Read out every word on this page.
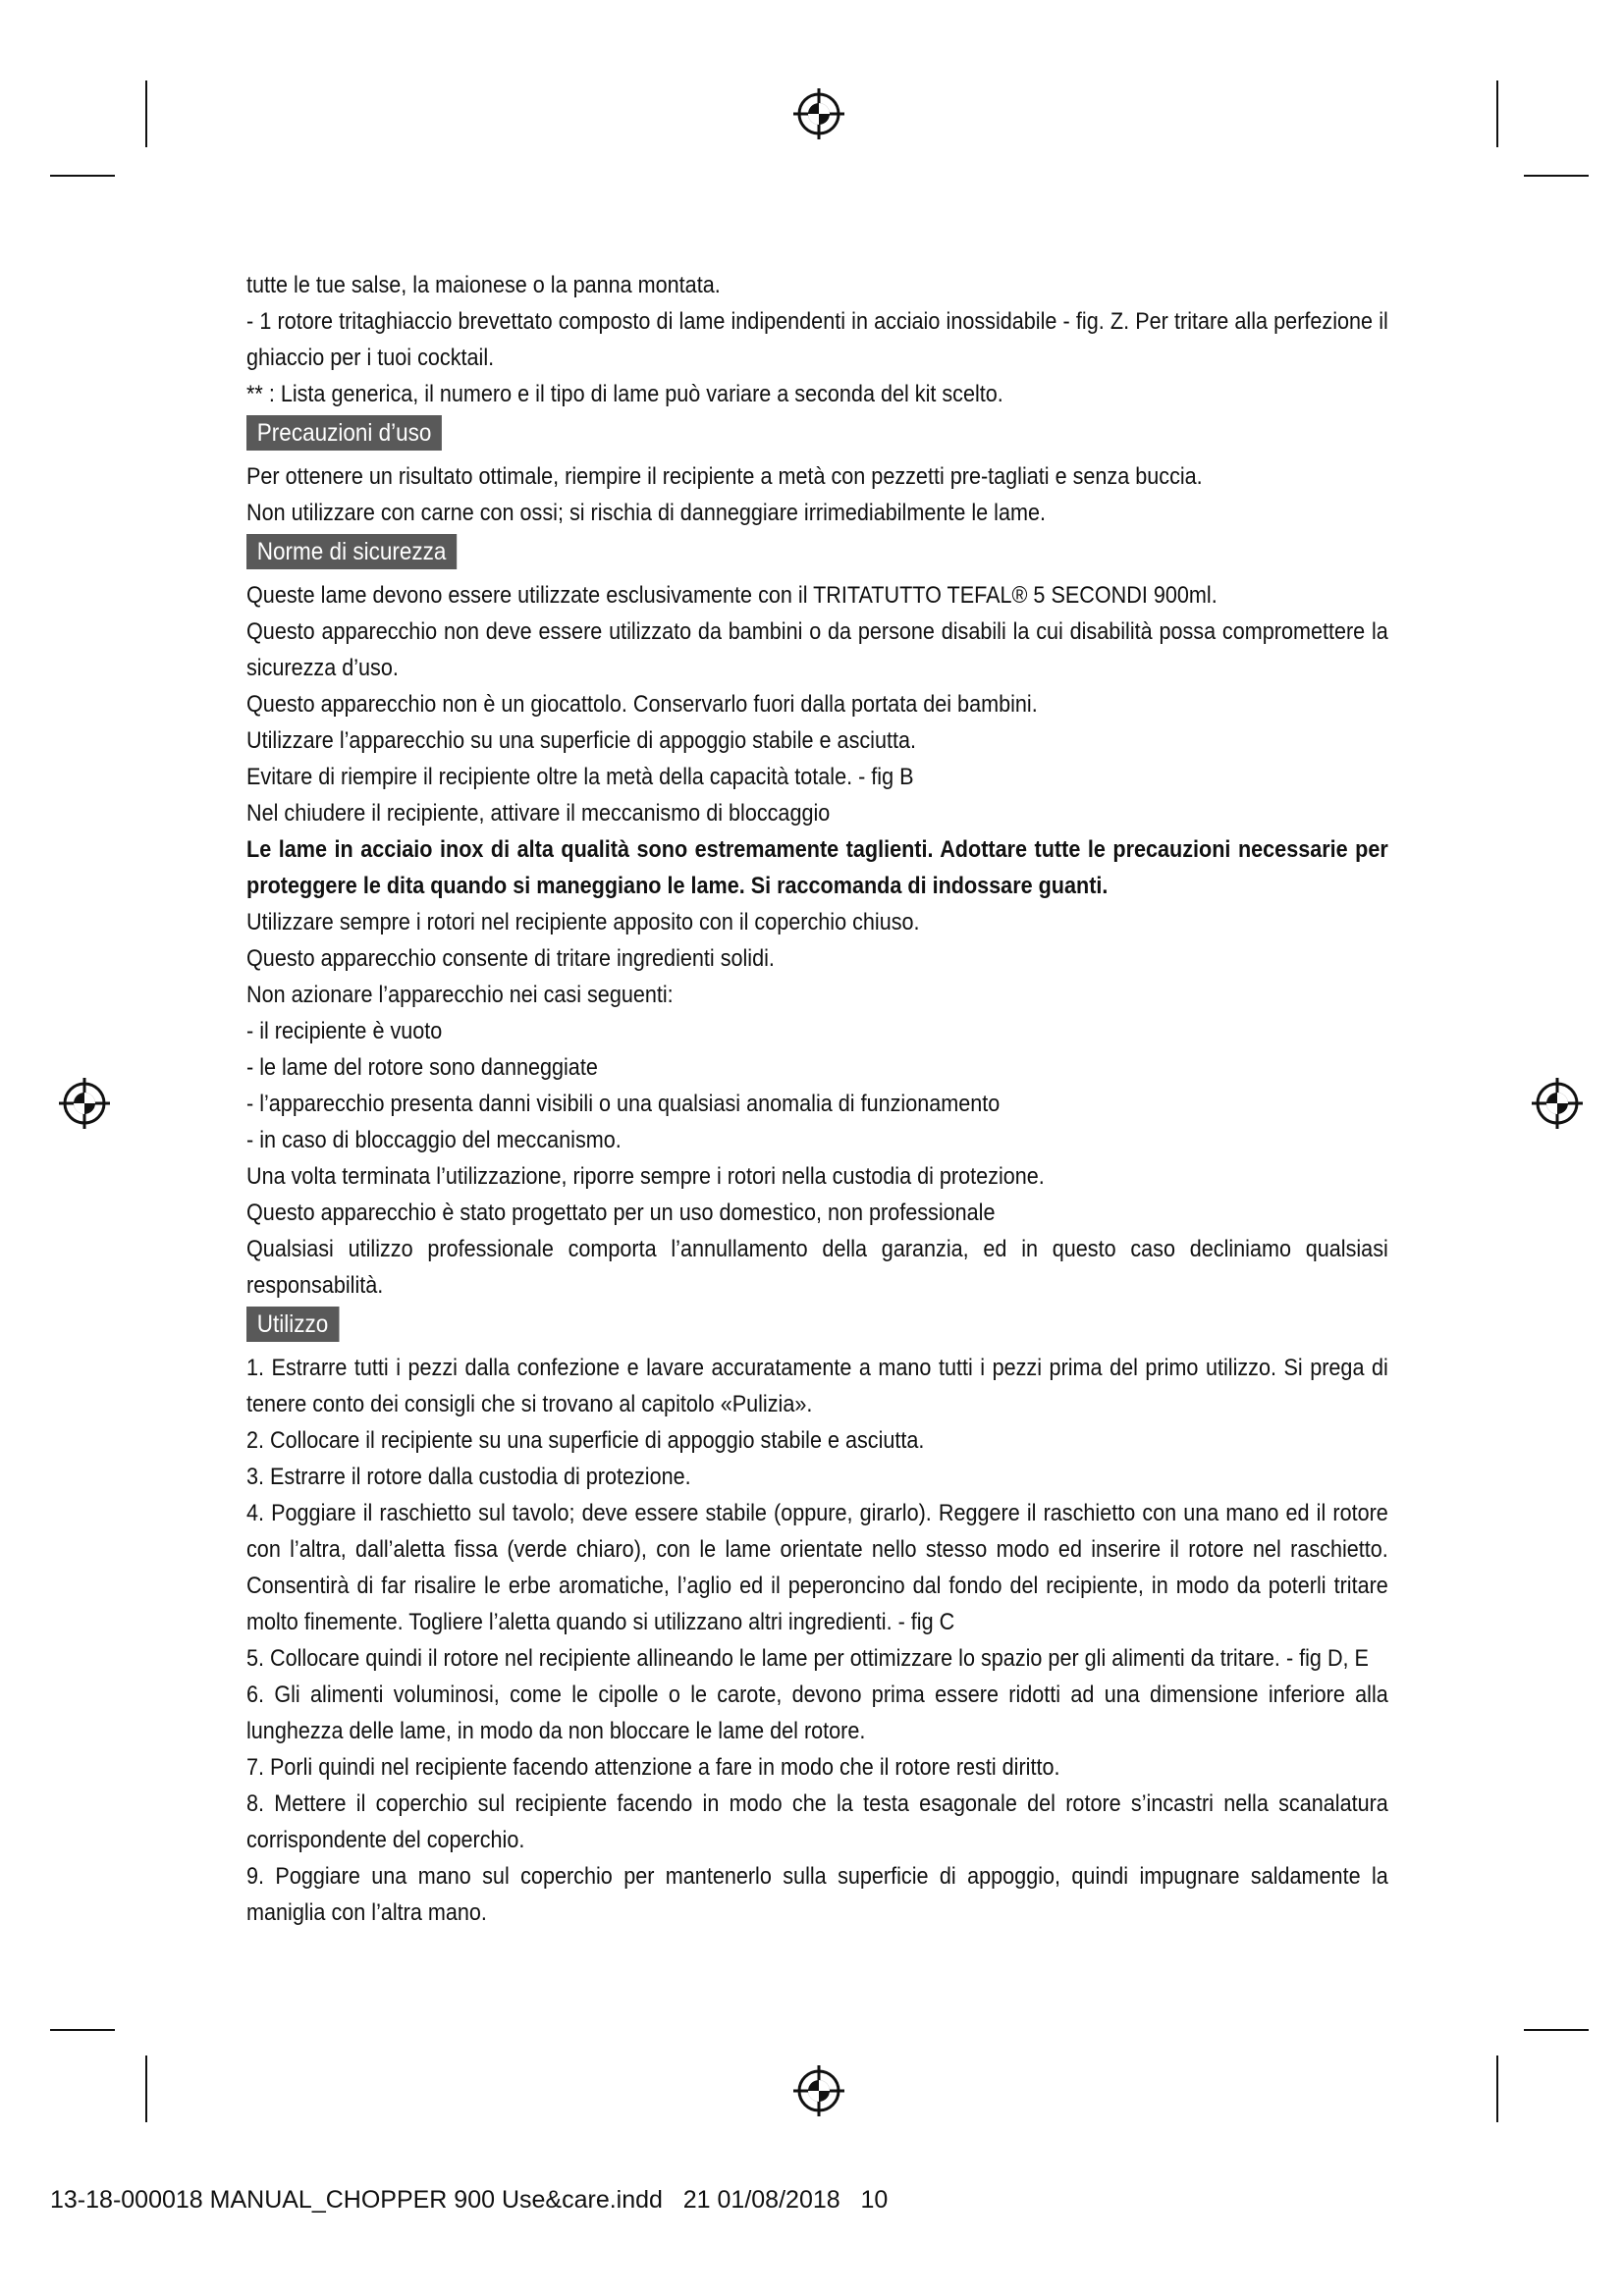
tutte le tue salse, la maionese o la panna montata.

- 1 rotore tritaghiaccio brevettato composto di lame indipendenti in acciaio inossidabile - fig. Z. Per tritare alla perfezione il ghiaccio per i tuoi cocktail.

** : Lista generica, il numero e il tipo di lame può variare a seconda del kit scelto.

Precauzioni d’uso

Per ottenere un risultato ottimale, riempire il recipiente a metà con pezzetti pre-tagliati e senza buccia.

Non utilizzare con carne con ossi; si rischia di danneggiare irrimediabilmente le lame.

Norme di sicurezza

Queste lame devono essere utilizzate esclusivamente con il TRITATUTTO TEFAL® 5 SECONDI 900ml.

Questo apparecchio non deve essere utilizzato da bambini o da persone disabili la cui disabilità possa compromettere la sicurezza d’uso.

Questo apparecchio non è un giocattolo. Conservarlo fuori dalla portata dei bambini.

Utilizzare l’apparecchio su una superficie di appoggio stabile e asciutta.

Evitare di riempire il recipiente oltre la metà della capacità totale. - fig B

Nel chiudere il recipiente, attivare il meccanismo di bloccaggio

Le lame in acciaio inox di alta qualità sono estremamente taglienti. Adottare tutte le precauzioni necessarie per proteggere le dita quando si maneggiano le lame. Si raccomanda di indossare guanti.

Utilizzare sempre i rotori nel recipiente apposito con il coperchio chiuso.

Questo apparecchio consente di tritare ingredienti solidi.

Non azionare l’apparecchio nei casi seguenti:

- il recipiente è vuoto

- le lame del rotore sono danneggiate

- l’apparecchio presenta danni visibili o una qualsiasi anomalia di funzionamento

- in caso di bloccaggio del meccanismo.

Una volta terminata l’utilizzazione, riporre sempre i rotori nella custodia di protezione.

Questo apparecchio è stato progettato per un uso domestico, non professionale

Qualsiasi utilizzo professionale comporta l’annullamento della garanzia, ed in questo caso decliniamo qualsiasi responsabilità.

Utilizzo

1. Estrarre tutti i pezzi dalla confezione e lavare accuratamente a mano tutti i pezzi prima del primo utilizzo. Si prega di tenere conto dei consigli che si trovano al capitolo «Pulizia».

2. Collocare il recipiente su una superficie di appoggio stabile e asciutta.

3. Estrarre il rotore dalla custodia di protezione.

4. Poggiare il raschietto sul tavolo; deve essere stabile (oppure, girarlo). Reggere il raschietto con una mano ed il rotore con l’altra, dall’aletta fissa (verde chiaro), con le lame orientate nello stesso modo ed inserire il rotore nel raschietto. Consentirà di far risalire le erbe aromatiche, l’aglio ed il peperoncino dal fondo del recipiente, in modo da poterli tritare molto finemente. Togliere l’aletta quando si utilizzano altri ingredienti. - fig C

5. Collocare quindi il rotore nel recipiente allineando le lame per ottimizzare lo spazio per gli alimenti da tritare. - fig D, E

6. Gli alimenti voluminosi, come le cipolle o le carote, devono prima essere ridotti ad una dimensione inferiore alla lunghezza delle lame, in modo da non bloccare le lame del rotore.

7. Porli quindi nel recipiente facendo attenzione a fare in modo che il rotore resti diritto.

8. Mettere il coperchio sul recipiente facendo in modo che la testa esagonale del rotore s’incastri nella scanalatura corrispondente del coperchio.

9. Poggiare una mano sul coperchio per mantenerlo sulla superficie di appoggio, quindi impugnare saldamente la maniglia con l’altra mano.

13-18-000018 MANUAL_CHOPPER 900 Use&care.indd   21 01/08/2018   10
